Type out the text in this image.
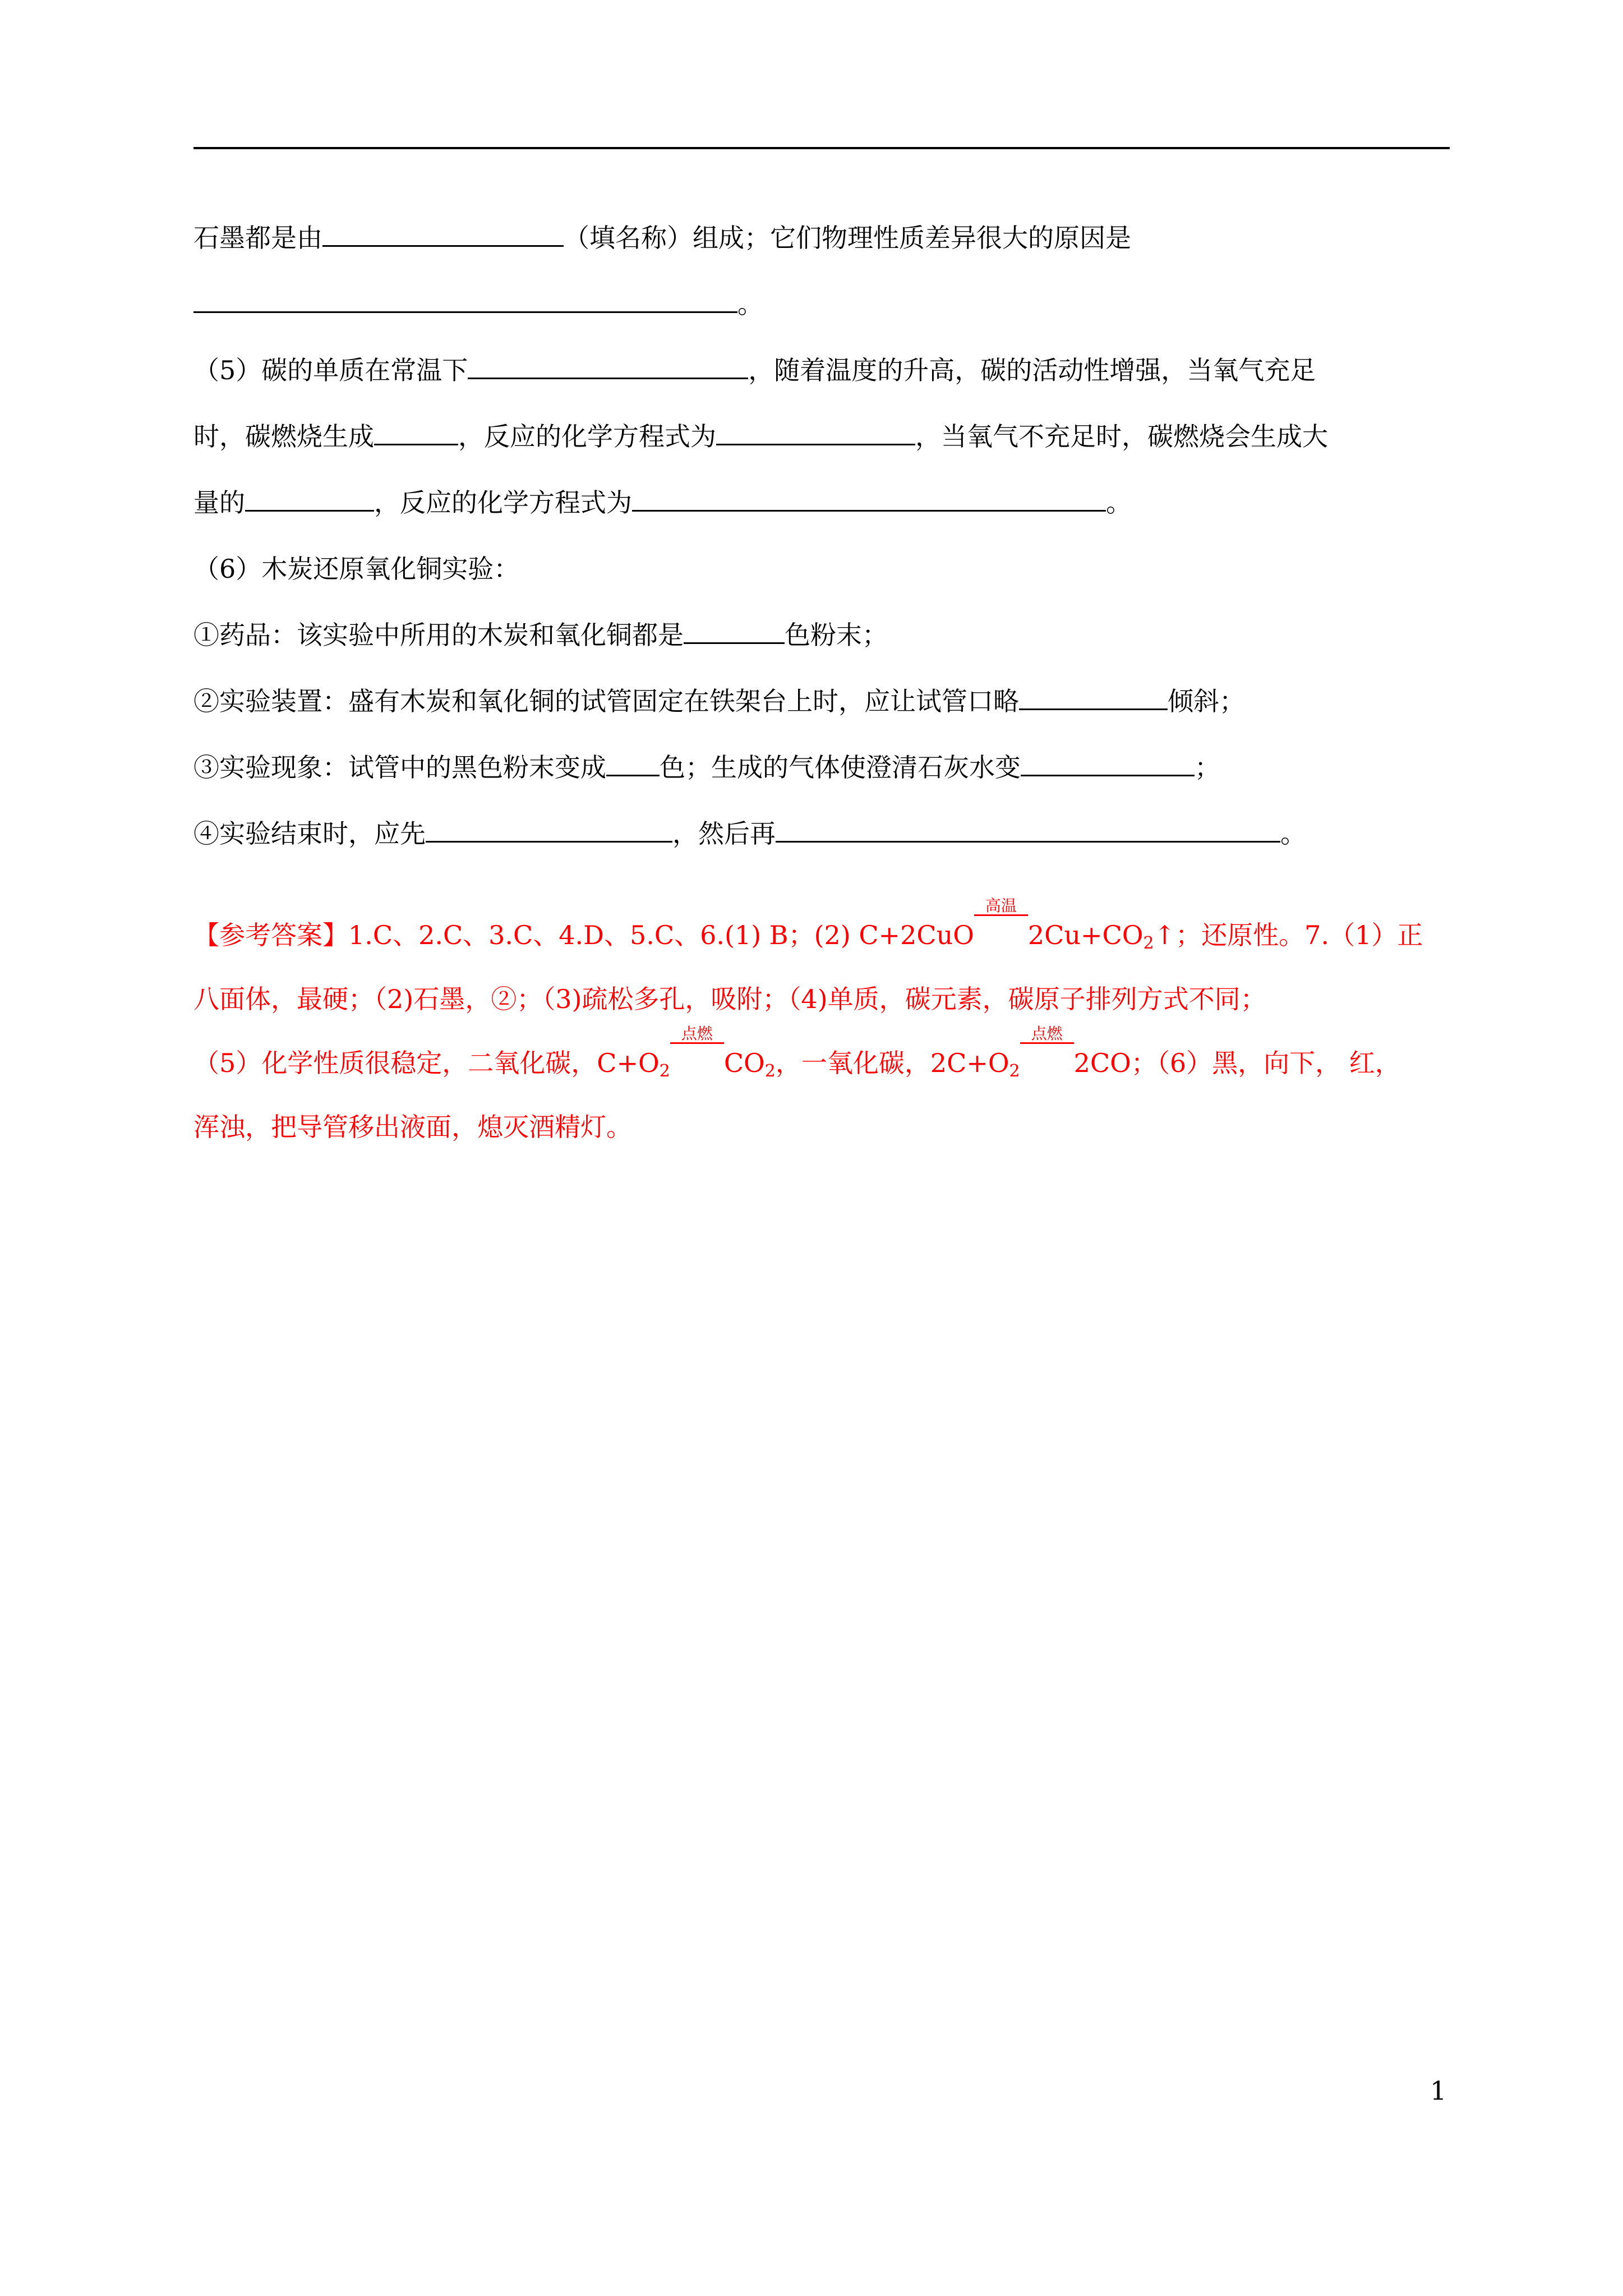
石墨都是由	（填名称）组成；它们物理性质差异很大的原因是
。
（5）碳的单质在常温下	，随着温度的升高，碳的活动性增强，当氧气充足
时，碳燃烧生成	，反应的化学方程式为	，当氧气不充足时，碳燃烧会生成大
量的	，反应的化学方程式为	。
（6）木炭还原氧化铜实验：
①药品：该实验中所用的木炭和氧化铜都是	色粉末；
②实验装置：盛有木炭和氧化铜的试管固定在铁架台上时，应让试管口略	倾斜；
③实验现象：试管中的黑色粉末变成 色；生成的气体使澄清石灰水变	；
④实验结束时，应先	，然后再	。
【参考答案】1.C、2.C、3.C、4.D、5.C、6.(1) B；(2) C+2CuO
高温
$2Cu+CO_2↑$；还原性。7.（1）正
八面体，最硬；（2)石墨，②；（3)疏松多孔，吸附；（4)单质，碳元素，碳原子排列方式不同；
（5）化学性质很稳定，二氧化碳，$C+O_2$
点燃
$CO_2$，一氧化碳，$2C+O_2$
点燃
2CO；（6）黑，向下， 红，
浑浊，把导管移出液面，熄灭酒精灯。
1
